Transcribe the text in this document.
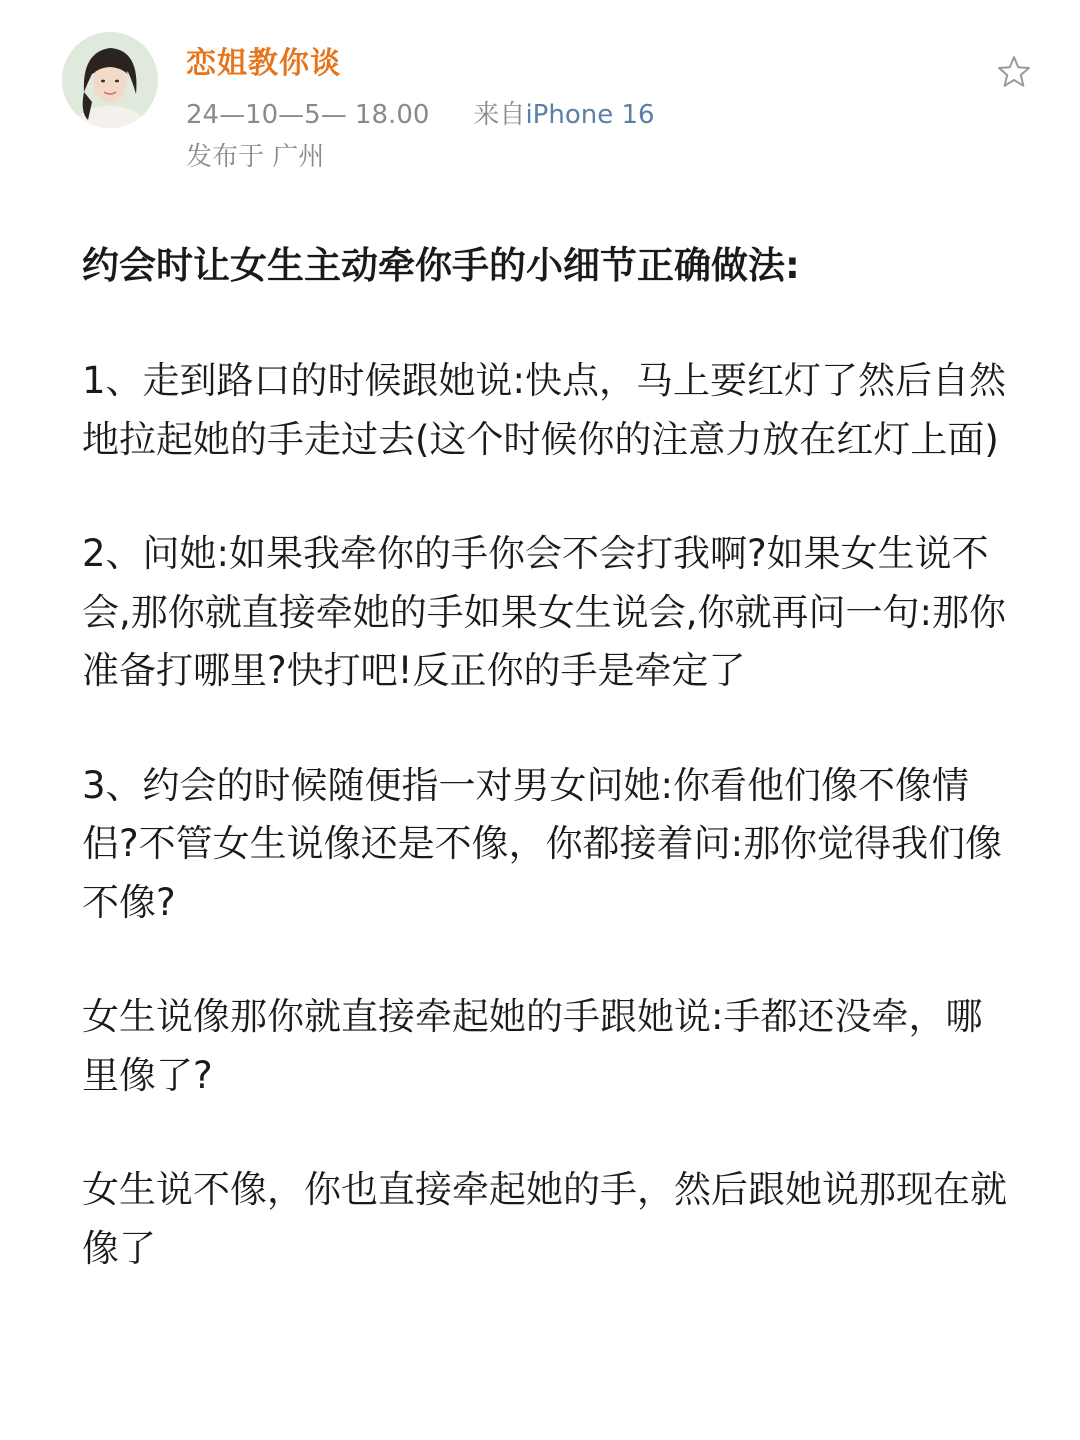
恋姐教你谈
24—10—5— 18.00 来自iPhone 16
发布于 广州
约会时让女生主动牵你手的小细节正确做法:
1、走到路口的时候跟她说:快点，马上要红灯了然后自然地拉起她的手走过去(这个时候你的注意力放在红灯上面)
2、问她:如果我牵你的手你会不会打我啊?如果女生说不会,那你就直接牵她的手如果女生说会,你就再问一句:那你准备打哪里?快打吧!反正你的手是牵定了
3、约会的时候随便指一对男女问她:你看他们像不像情侣?不管女生说像还是不像，你都接着问:那你觉得我们像不像?
女生说像那你就直接牵起她的手跟她说:手都还没牵，哪里像了?
女生说不像，你也直接牵起她的手，然后跟她说那现在就像了
